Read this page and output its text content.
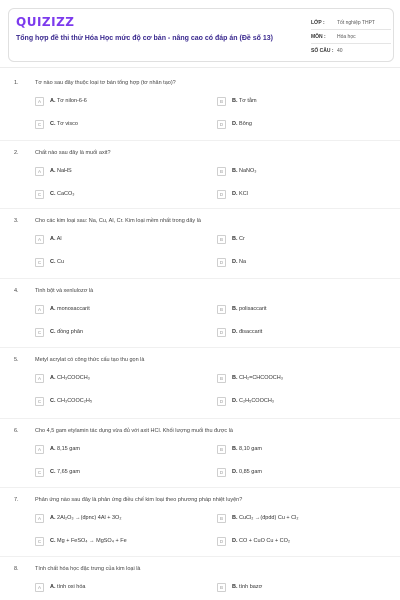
QUIZIZZ
Tổng hợp đề thi thử Hóa Học mức độ cơ bản - nâng cao có đáp án (Đề số 13)
LỚP :	Tốt nghiệp THPT
MÔN :	Hóa học
SỐ CÂU : 40
1.	Tơ nào sau đây thuộc loại tơ bán tổng hợp (tơ nhân tạo)?
A	A. Tơ nilon-6-6	B	B. Tơ tằm
C	C. Tơ visco	D	D. Bông
2.	Chất nào sau đây là muối axit?
A	A. NaHS	B	B. NaNO₃
C	C. CaCO₃	D	D. KCl
3.	Cho các kim loại sau: Na, Cu, Al, Cr. Kim loại mềm nhất trong dãy là
A	A. Al	B	B. Cr
C	C. Cu	D	D. Na
4.	Tinh bột và xenlulozơ là
A	A. monosaccarit	B	B. polisaccarit
C	C. đồng phân	D	D. đisaccarit
5.	Metyl acrylat có công thức cấu tạo thu gọn là
A	A. CH₃COOCH₃	B	B. CH₂=CHCOOCH₃
C	C. CH₃COOC₂H₅	D	D. C₂H₅COOCH₃
6.	Cho 4,5 gam etylamin tác dụng vừa đủ với axit HCl. Khối lượng muối thu được là
A	A. 8,15 gam	B	B. 8,10 gam
C	C. 7,65 gam	D	D. 0,85 gam
7.	Phản ứng nào sau đây là phản ứng điều chế kim loại theo phương pháp nhiệt luyện?
A	A. 2Al₂O₃ →(đpnc) 4Al + 3O₂	B	B. CuCl₂ →(đpdd) Cu + Cl₂
C	C. Mg + FeSO₄ → MgSO₄ + Fe	D	D. CO + CuO Cu + CO₂
8.	Tính chất hóa học đặc trưng của kim loại là
A	A. tính oxi hóa	B	B. tính bazơ
